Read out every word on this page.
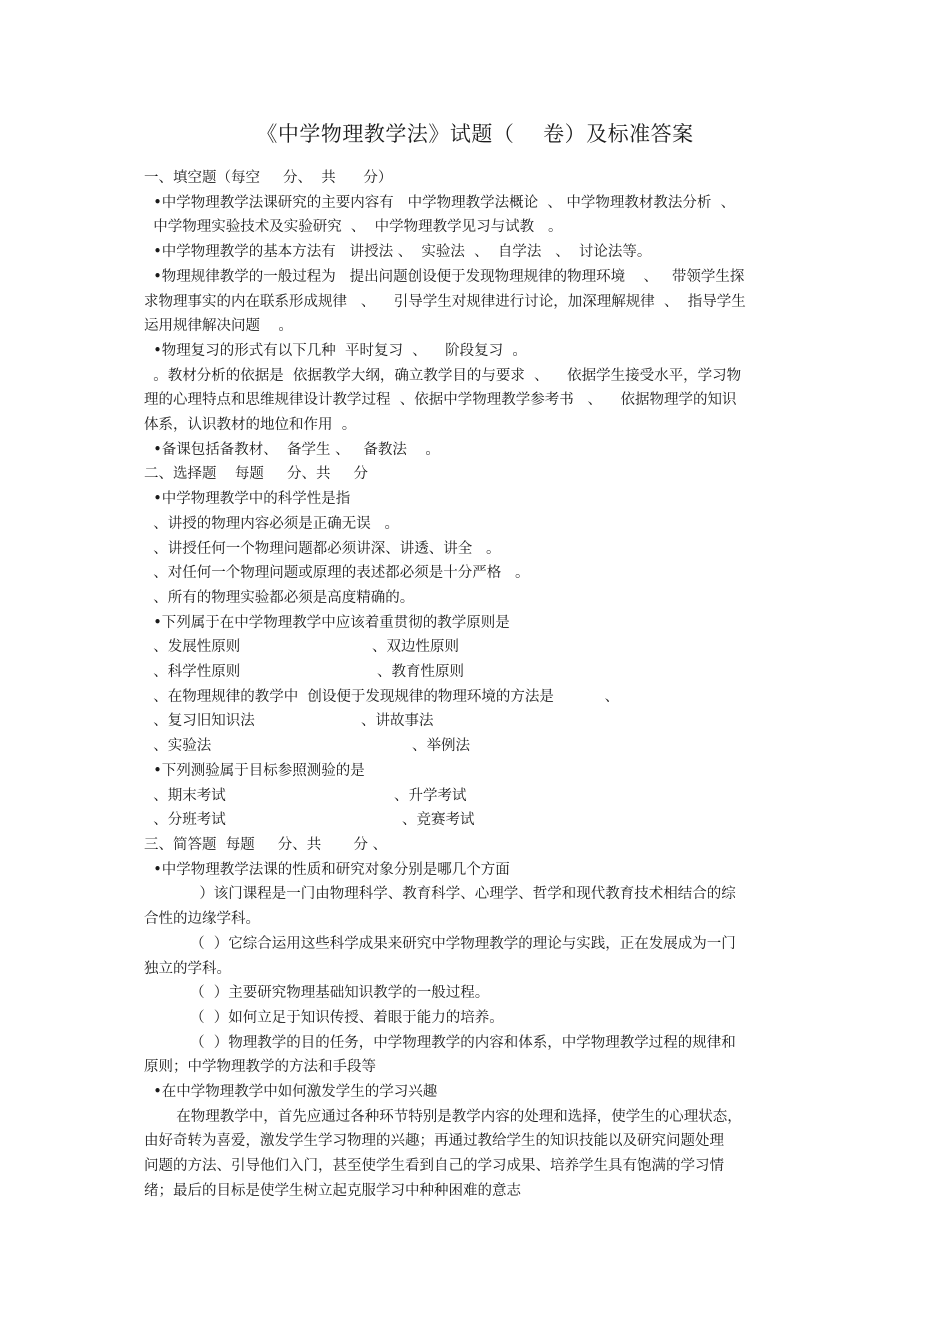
《中学物理教学法》试题（    卷）及标准答案

一、填空题（每空     分、  共      分）

•中学物理教学法课研究的主要内容有   中学物理教学法概论  、 中学物理教材教法分析  、

中学物理实验技术及实验研究  、  中学物理教学见习与试教   。

•中学物理教学的基本方法有   讲授法 、  实验法  、  自学法   、  讨论法等。

•物理规律教学的一般过程为   提出问题创设便于发现物理规律的物理环境    、   带领学生探

求物理事实的内在联系形成规律   、    引导学生对规律进行讨论，加深理解规律  、  指导学生

运用规律解决问题    。

•物理复习的形式有以下几种  平时复习  、    阶段复习  。

。教材分析的依据是  依据教学大纲，确立教学目的与要求  、    依据学生接受水平，学习物

理的心理特点和思维规律设计教学过程  、依据中学物理教学参考书   、    依据物理学的知识

体系，认识教材的地位和作用  。

•备课包括备教材、  备学生 、   备教法    。

二、选择题    每题     分、共     分

•中学物理教学中的科学性是指

、讲授的物理内容必须是正确无误   。

、讲授任何一个物理问题都必须讲深、讲透、讲全   。

、对任何一个物理问题或原理的表述都必须是十分严格   。

、所有的物理实验都必须是高度精确的。

•下列属于在中学物理教学中应该着重贯彻的教学原则是

、发展性原则	、双边性原则
、科学性原则	、教育性原则

、在物理规律的教学中  创设便于发现规律的物理环境的方法是           、

、复习旧知识法	、讲故事法
、实验法	、举例法

•下列测验属于目标参照测验的是

、期末考试	、升学考试
、分班考试	、竞赛考试

三、简答题  每题     分、共       分 、

•中学物理教学法课的性质和研究对象分别是哪几个方面

）该门课程是一门由物理科学、教育科学、心理学、哲学和现代教育技术相结合的综

合性的边缘学科。

（  ）它综合运用这些科学成果来研究中学物理教学的理论与实践，正在发展成为一门

独立的学科。

（  ）主要研究物理基础知识教学的一般过程。

（  ）如何立足于知识传授、着眼于能力的培养。

（  ）物理教学的目的任务，中学物理教学的内容和体系，中学物理教学过程的规律和

原则；中学物理教学的方法和手段等

•在中学物理教学中如何激发学生的学习兴趣

在物理教学中，首先应通过各种环节特别是教学内容的处理和选择，使学生的心理状态，

由好奇转为喜爱，激发学生学习物理的兴趣；再通过教给学生的知识技能以及研究问题处理

问题的方法、引导他们入门，甚至使学生看到自己的学习成果、培养学生具有饱满的学习情

绪；最后的目标是使学生树立起克服学习中种种困难的意志
